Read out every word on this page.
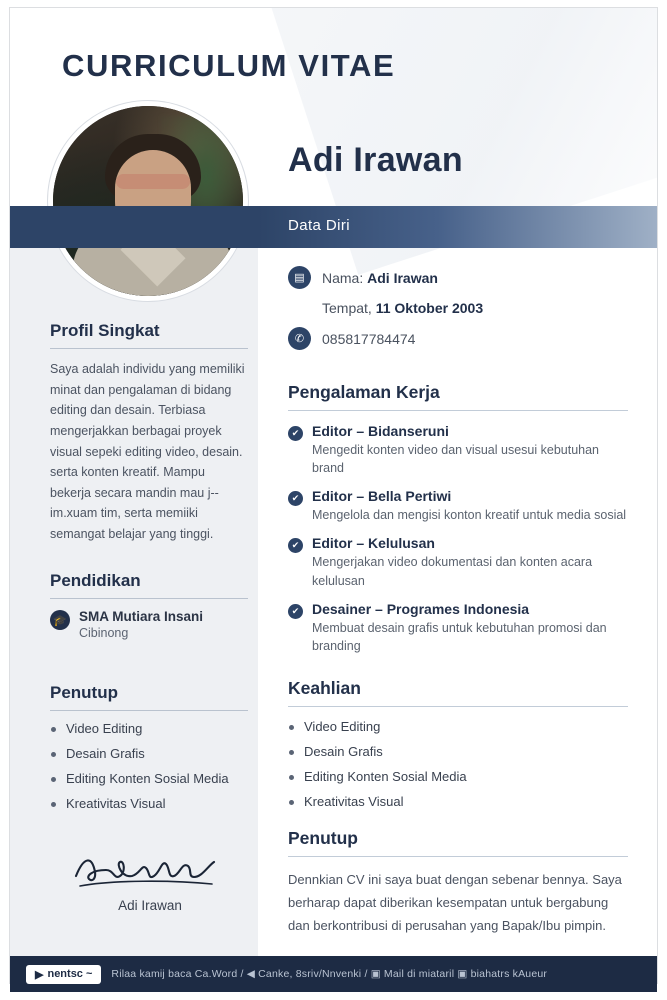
CURRICULUM VITAE
Adi Irawan
Data Diri
▤	Nama: Adi Irawan
Tempat, 11 Oktober 2003
✆	085817784474
Pengalaman Kerja
✔ Editor – Bidanseruni
Mengedit konten video dan visual usesui kebutuhan brand
✔ Editor – Bella Pertiwi
Mengelola dan mengisi konton kreatif untuk media sosial
✔ Editor – Kelulusan
Mengerjakan video dokumentasi dan konten acara kelulusan
✔ Desainer – Programes Indonesia
Membuat desain grafis untuk kebutuhan promosi dan branding
Keahlian
Video Editing
Desain Grafis
Editing Konten Sosial Media
Kreativitas Visual
Penutup

Dennkian CV ini saya buat dengan sebenar bennya. Saya berharap dapat diberikan kesempatan untuk bergabung dan berkontribusi di perusahan yang Bapak/Ibu pimpin.

Profil Singkat

Saya adalah individu yang memiliki minat dan pengalaman di bidang editing dan desain. Terbiasa mengerjakkan berbagai proyek visual sepeki editing video, desain. serta konten kreatif. Mampu bekerja secara mandin mau j--im.xuam tim, serta memiiki semangat belajar yang tinggi.

Pendidikan
🎓 SMA Mutiara Insani
Cibinong
Penutup
Video Editing
Desain Grafis
Editing Konten Sosial Media
Kreativitas Visual
Adi Irawan
▶ nentsc ~ Rilaa kamij baca Ca.Word / ◀ Canke, 8sriv/Nnvenki / ▣ Mail di miataril ▣ biahatrs kAueur
